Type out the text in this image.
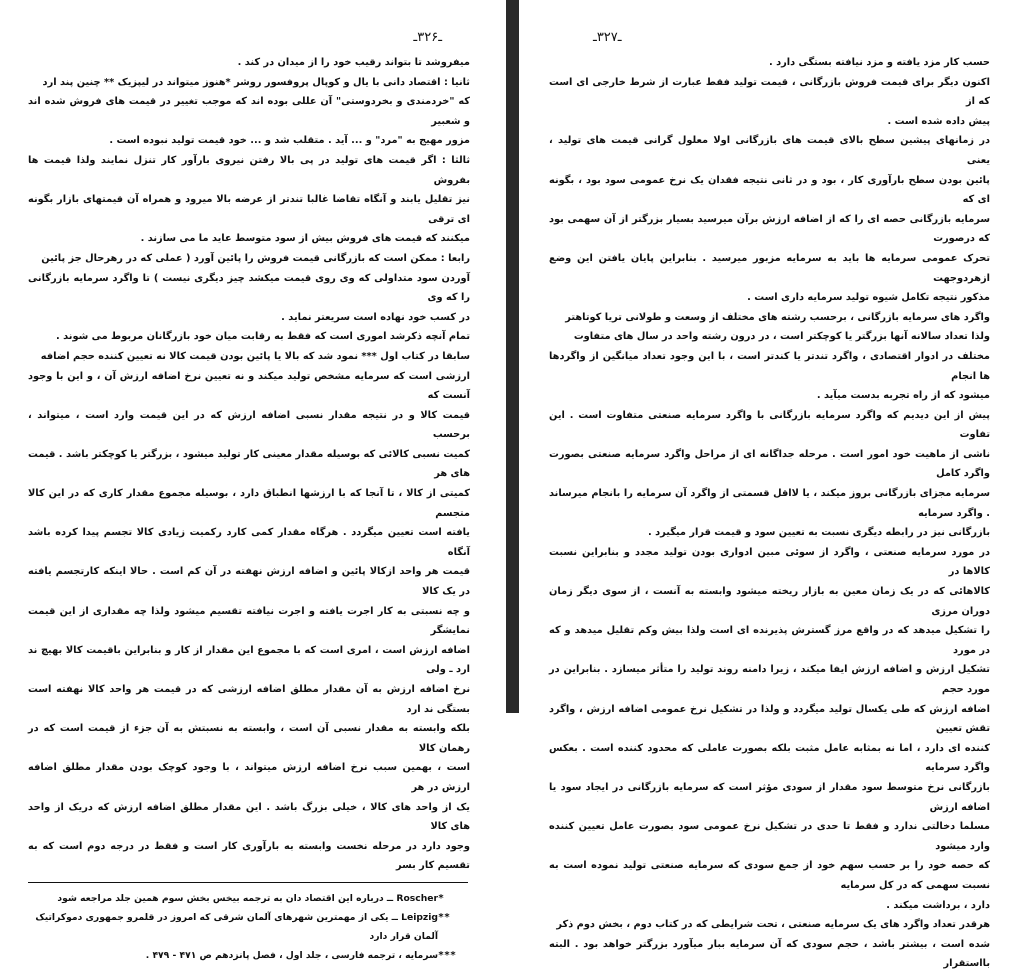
ـ۳۲۶ـ

میفروشد تا بتواند رقیب خود را از میدان در کند .

ثانیا : اقتصاد دانی با یال و کوپال پروفسور روشر *هنوز میتواند در لیپزیک ** چنین پند ارد

که "خردمندی و بخردوستی" آن عللی بوده اند که موجب تغییر در قیمت های فروش شده اند و شعبیر

مزور مهیج به "مرد" و ... آید . متقلب شد و ... خود قیمت تولید نبوده است .

ثالثا : اگر قیمت های تولید در پی بالا رفتن نیروی بارآور کار تنزل نمایند ولذا قیمت ها بفروش

نیز تقلیل یابند و آنگاه تقاضا غالبا تندتر از عرضه بالا میرود و همراه آن قیمتهای بازار بگونه ای ترقی

میکنند که قیمت های فروش بیش از سود متوسط عاید ما می سازند .

رابعا : ممکن است که بازرگانی قیمت فروش را پائین آورد ( عملی که در رهرحال جز پائین

آوردن سود متداولی که وی روی قیمت میکشد چیز دیگری نیست ) تا واگرد سرمایه بازرگانی را که وی

در کسب خود نهاده است سریعتر نماید .

تمام آنچه ذکرشد اموری است که فقط به رقابت میان خود بازرگانان مربوط می شوند .

سابقا در کتاب اول *** نمود شد که بالا یا پائین بودن قیمت کالا نه تعیین کننده حجم اضافه

ارزشی است که سرمایه مشخص تولید میکند و نه تعیین نرخ اضافه ارزش آن ، و این با وجود آنست که

قیمت کالا و در نتیجه مقدار نسبی اضافه ارزش که در این قیمت وارد است ، میتواند ، برحسب

کمیت نسبی کالائی که بوسیله مقدار معینی کار تولید میشود ، بزرگتر یا کوچکتر باشد . قیمت های هر

کمیتی از کالا ، تا آنجا که با ارزشها انطباق دارد ، بوسیله مجموع مقدار کاری که در این کالا متجسم

یافته است تعیین میگردد . هرگاه مقدار کمی کارد رکمیت زیادی کالا تجسم پیدا کرده باشد آنگاه

قیمت هر واحد ازکالا پائین و اضافه ارزش نهفته در آن کم است . حالا اینکه کارتجسم یافته در یک کالا

و چه نسبتی به کار اجرت یافته و اجرت نیافته تقسیم میشود ولذا چه مقداری از این قیمت نمایشگر

اضافه ارزش است ، امری است که با مجموع این مقدار از کار و بنابراین باقیمت کالا بهیچ ند ارد ـ ولی

نرخ اضافه ارزش به آن مقدار مطلق اضافه ارزشی که در قیمت هر واحد کالا نهفته است بستگی ند ارد

بلکه وابسته به مقدار نسبی آن است ، وابسته به نسبتش به آن جزء از قیمت است که در رهمان کالا

است ، بهمین سبب نرخ اضافه ارزش میتواند ، با وجود کوچک بودن مقدار مطلق اضافه ارزش در هر

یک از واحد های کالا ، خیلی بزرگ باشد . این مقدار مطلق اضافه ارزش که دریک از واحد های کالا

وجود دارد در مرحله نخست وابسته به بارآوری کار است و فقط در درجه دوم است که به تقسیم کار بسر

Roscher ــ درباره این اقتصاد دان به ترجمه بیخس بخش سوم همین جلد مراجعه شود *
Leipzig ــ یکی از مهمترین شهرهای آلمان شرقی که امروز در قلمرو جمهوری دموکراتیک آلمان قرار دارد
**
سرمایه ، ترجمه فارسی ، جلد اول ، فصل پانزدهم ص ۴۷۱ - ۴۷۹ . ***
ـ۳۲۷ـ

حسب کار مزد یافته و مزد نیافته بستگی دارد .

اکنون دیگر برای قیمت فروش بازرگانی ، قیمت تولید فقط عبارت از شرط خارجی ای است که از

پیش داده شده است .

در زمانهای پیشین سطح بالای قیمت های بازرگانی اولا معلول گرانی قیمت های تولید ، یعنی

پائین بودن سطح بارآوری کار ، بود و در ثانی نتیجه فقدان یک نرخ عمومی سود بود ، بگونه ای که

سرمایه بازرگانی حصه ای را که از اضافه ارزش برآن میرسید بسیار بزرگتر از آن سهمی بود که درصورت

تحرک عمومی سرمایه ها باید به سرمایه مزبور میرسید . بنابراین پایان یافتن این وضع ازهردوجهت

مذکور نتیجه تکامل شیوه تولید سرمایه داری است .

واگرد های سرمایه بازرگانی ، برحسب رشته های مختلف از وسعت و طولانی تریا کوتاهتر

ولذا تعداد سالانه آنها بزرگتر یا کوچکتر است ، در درون رشته واحد در سال های متفاوت

مختلف در ادوار اقتصادی ، واگرد تندتر یا کندتر است ، با این وجود تعداد میانگین از واگردها ها انجام

میشود که از راه تجربه بدست میآید .

پیش از این دیدیم که واگرد سرمایه بازرگانی با واگرد سرمایه صنعتی متفاوت است . این تفاوت

ناشی از ماهیت خود امور است . مرحله جداگانه ای از مراحل واگرد سرمایه صنعتی بصورت واگرد کامل

سرمایه مجزای بازرگانی بروز میکند ، یا لااقل قسمتی از واگرد آن سرمایه را بانجام میرساند . واگرد سرمایه

بازرگانی نیز در رابطه دیگری نسبت به تعیین سود و قیمت قرار میگیرد .

در مورد سرمایه صنعتی ، واگرد از سوئی مبین ادواری بودن تولید مجدد و بنابراین نسبت کالاها در

کالاهائی که در یک زمان معین به بازار ریخته میشود وابسته به آنست ، از سوی دیگر زمان دوران مرزی

را تشکیل میدهد که در واقع مرز گسترش پذیرنده ای است ولذا بیش وکم تقلیل میدهد و که در مورد

تشکیل ارزش و اضافه ارزش ایفا میکند ، زیرا دامنه روند تولید را متأثر میسازد . بنابراین در مورد حجم

اضافه ارزش که طی یکسال تولید میگردد و ولذا در تشکیل نرخ عمومی اضافه ارزش ، واگرد تقش تعیین

کننده ای دارد ، اما نه بمثابه عامل مثبت بلکه بصورت عاملی که محدود کننده است . بعکس واگرد سرمایه

بازرگانی نرخ متوسط سود مقدار از سودی مؤثر است که سرمایه بازرگانی در ایجاد سود یا اضافه ارزش

مسلما دخالتی ندارد و فقط تا حدی در تشکیل نرخ عمومی سود بصورت عامل تعیین کننده وارد میشود

که حصه خود را بر حسب سهم خود از جمع سودی که سرمایه صنعتی تولید نموده است به نسبت سهمی که در کل سرمایه

دارد ، برداشت میکند .

هرقدر تعداد واگرد های یک سرمایه صنعتی ، تحت شرایطی که در کتاب دوم ، بخش دوم ذکر

شده است ، بیشتر باشد ، حجم سودی که آن سرمایه ببار میآورد بزرگتر خواهد بود . البته بااستقرار
